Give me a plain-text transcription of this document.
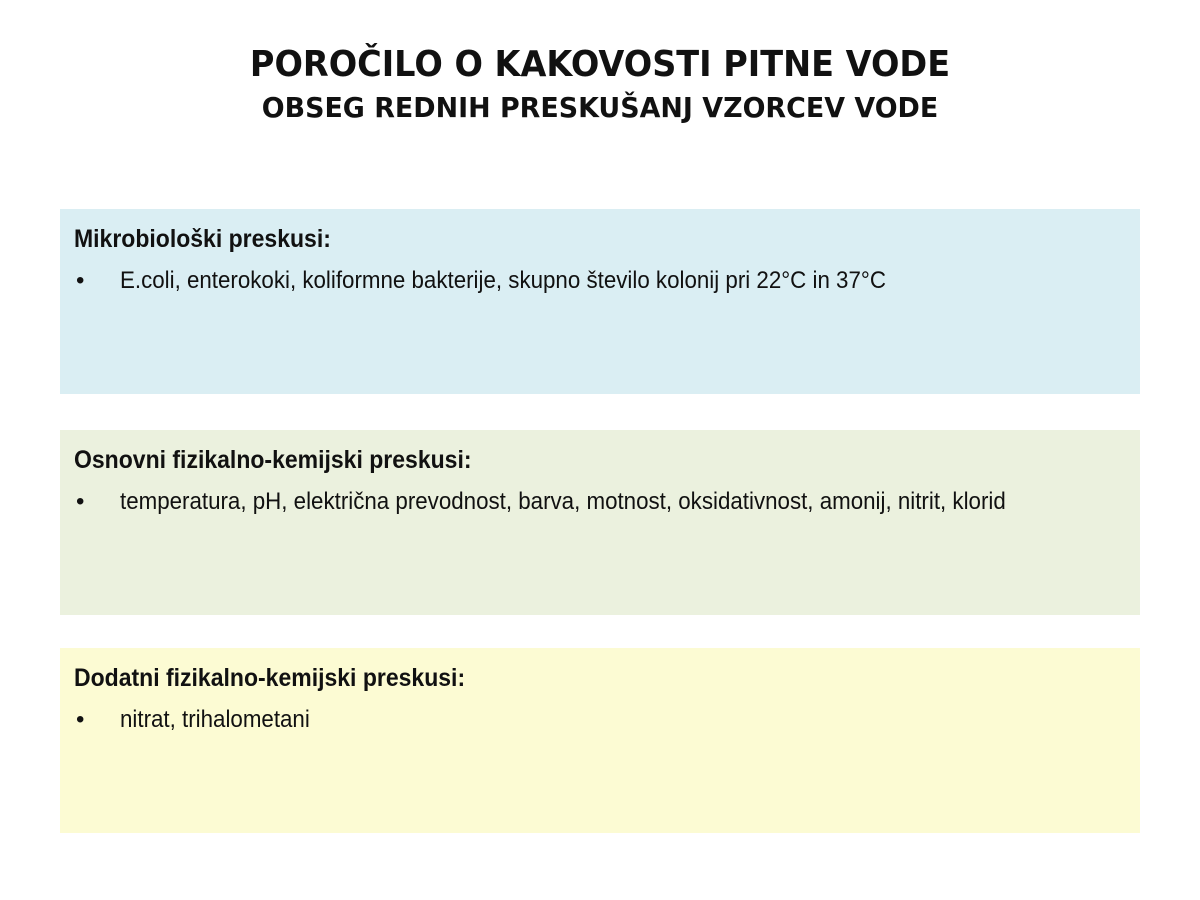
POROČILO O KAKOVOSTI PITNE VODE
OBSEG REDNIH PRESKUŠANJ VZORCEV VODE
Mikrobiološki preskusi:
•	E.coli, enterokoki, koliformne bakterije, skupno število kolonij pri 22°C in 37°C
Osnovni fizikalno-kemijski preskusi:
•	temperatura, pH, električna prevodnost, barva, motnost, oksidativnost, amonij, nitrit, klorid
Dodatni fizikalno-kemijski preskusi:
•	nitrat, trihalometani
